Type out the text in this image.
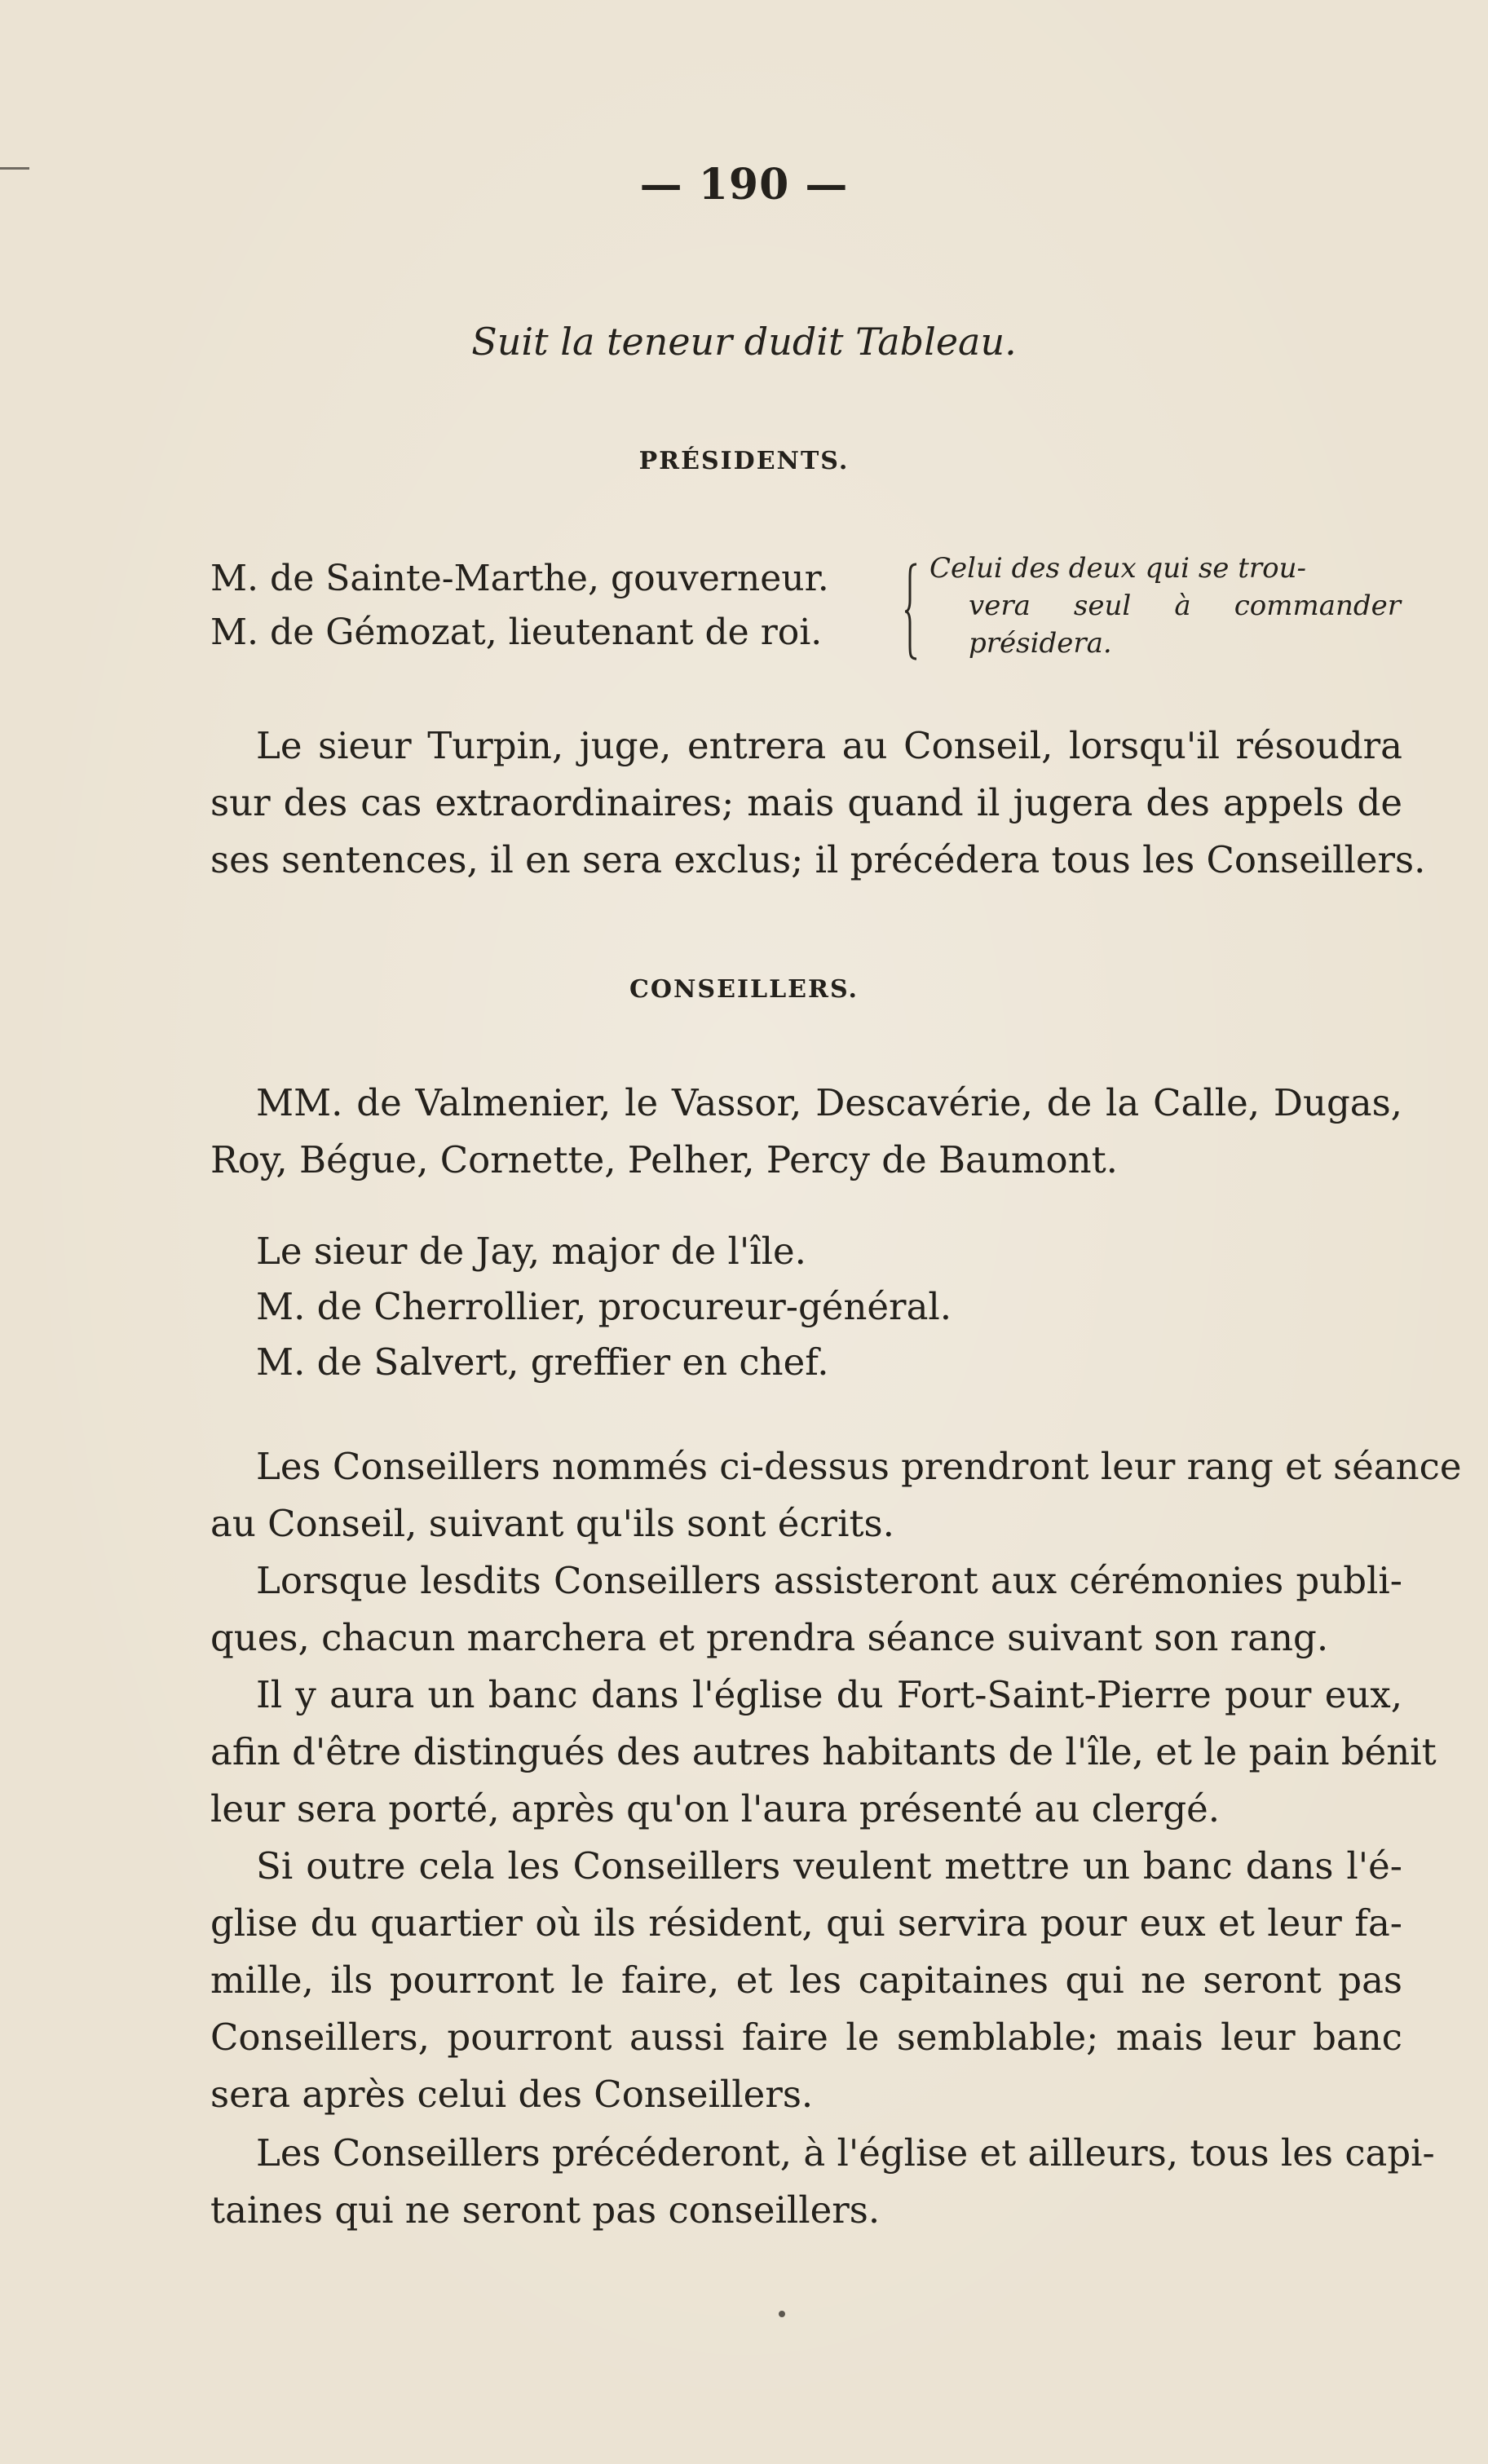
— 190 —
Suit la teneur dudit Tableau.
PRÉSIDENTS.
M. de Sainte-Marthe, gouverneur.
M. de Gémozat, lieutenant de roi.
Celui des deux qui se trou-
vera seul à commander
présidera.
Le sieur Turpin, juge, entrera au Conseil, lorsqu'il résoudra
sur des cas extraordinaires; mais quand il jugera des appels de
ses sentences, il en sera exclus; il précédera tous les Conseillers.
CONSEILLERS.
MM. de Valmenier, le Vassor, Descavérie, de la Calle, Dugas,
Roy, Bégue, Cornette, Pelher, Percy de Baumont.
Le sieur de Jay, major de l'île.
M. de Cherrollier, procureur-général.
M. de Salvert, greffier en chef.
Les Conseillers nommés ci-dessus prendront leur rang et séance
au Conseil, suivant qu'ils sont écrits.
Lorsque lesdits Conseillers assisteront aux cérémonies publi-
ques, chacun marchera et prendra séance suivant son rang.
Il y aura un banc dans l'église du Fort-Saint-Pierre pour eux,
afin d'être distingués des autres habitants de l'île, et le pain bénit
leur sera porté, après qu'on l'aura présenté au clergé.
Si outre cela les Conseillers veulent mettre un banc dans l'é-
glise du quartier où ils résident, qui servira pour eux et leur fa-
mille, ils pourront le faire, et les capitaines qui ne seront pas
Conseillers, pourront aussi faire le semblable; mais leur banc
sera après celui des Conseillers.
Les Conseillers précéderont, à l'église et ailleurs, tous les capi-
taines qui ne seront pas conseillers.
